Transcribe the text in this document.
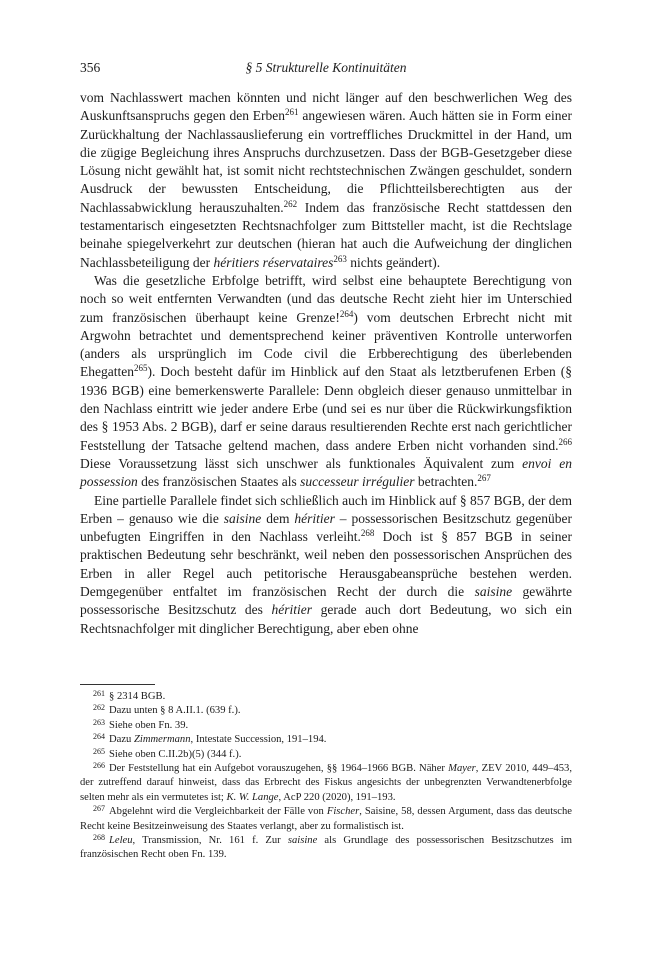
356	§ 5 Strukturelle Kontinuitäten

vom Nachlasswert machen könnten und nicht länger auf den beschwerlichen Weg des Auskunftsanspruchs gegen den Erben$^{261}$ angewiesen wären. Auch hätten sie in Form einer Zurückhaltung der Nachlassauslieferung ein vortreffliches Druckmittel in der Hand, um die zügige Begleichung ihres Anspruchs durchzusetzen. Dass der BGB-Gesetzgeber diese Lösung nicht gewählt hat, ist somit nicht rechtstechnischen Zwängen geschuldet, sondern Ausdruck der bewussten Entscheidung, die Pflichtteilsberechtigten aus der Nachlassabwicklung herauszuhalten.$^{262}$ Indem das französische Recht stattdessen den testamentarisch eingesetzten Rechtsnachfolger zum Bittsteller macht, ist die Rechtslage beinahe spiegelverkehrt zur deutschen (hieran hat auch die Aufweichung der dinglichen Nachlassbeteiligung der héritiers réservataires$^{263}$ nichts geändert).

Was die gesetzliche Erbfolge betrifft, wird selbst eine behauptete Berechtigung von noch so weit entfernten Verwandten (und das deutsche Recht zieht hier im Unterschied zum französischen überhaupt keine Grenze!$^{264}$) vom deutschen Erbrecht nicht mit Argwohn betrachtet und dementsprechend keiner präventiven Kontrolle unterworfen (anders als ursprünglich im Code civil die Erbberechtigung des überlebenden Ehegatten$^{265}$). Doch besteht dafür im Hinblick auf den Staat als letztberufenen Erben (§ 1936 BGB) eine bemerkenswerte Parallele: Denn obgleich dieser genauso unmittelbar in den Nachlass eintritt wie jeder andere Erbe (und sei es nur über die Rückwirkungsfiktion des § 1953 Abs. 2 BGB), darf er seine daraus resultierenden Rechte erst nach gerichtlicher Feststellung der Tatsache geltend machen, dass andere Erben nicht vorhanden sind.$^{266}$ Diese Voraussetzung lässt sich unschwer als funktionales Äquivalent zum envoi en possession des französischen Staates als successeur irrégulier betrachten.$^{267}$

Eine partielle Parallele findet sich schließlich auch im Hinblick auf § 857 BGB, der dem Erben – genauso wie die saisine dem héritier – possessorischen Besitzschutz gegenüber unbefugten Eingriffen in den Nachlass verleiht.$^{268}$ Doch ist § 857 BGB in seiner praktischen Bedeutung sehr beschränkt, weil neben den possessorischen Ansprüchen des Erben in aller Regel auch petitorische Herausgabeansprüche bestehen werden. Demgegenüber entfaltet im französischen Recht der durch die saisine gewährte possessorische Besitzschutz des héritier gerade auch dort Bedeutung, wo sich ein Rechtsnachfolger mit dinglicher Berechtigung, aber eben ohne

$^{261}$ § 2314 BGB.

$^{262}$ Dazu unten § 8 A.II.1. (639 f.).

$^{263}$ Siehe oben Fn. 39.

$^{264}$ Dazu Zimmermann, Intestate Succession, 191–194.

$^{265}$ Siehe oben C.II.2b)(5) (344 f.).

$^{266}$ Der Feststellung hat ein Aufgebot vorauszugehen, §§ 1964–1966 BGB. Näher Mayer, ZEV 2010, 449–453, der zutreffend darauf hinweist, dass das Erbrecht des Fiskus angesichts der unbegrenzten Verwandtenerbfolge selten mehr als ein vermutetes ist; K. W. Lange, AcP 220 (2020), 191–193.

$^{267}$ Abgelehnt wird die Vergleichbarkeit der Fälle von Fischer, Saisine, 58, dessen Argument, dass das deutsche Recht keine Besitzeinweisung des Staates verlangt, aber zu formalistisch ist.

$^{268}$ Leleu, Transmission, Nr. 161 f. Zur saisine als Grundlage des possessorischen Besitzschutzes im französischen Recht oben Fn. 139.
